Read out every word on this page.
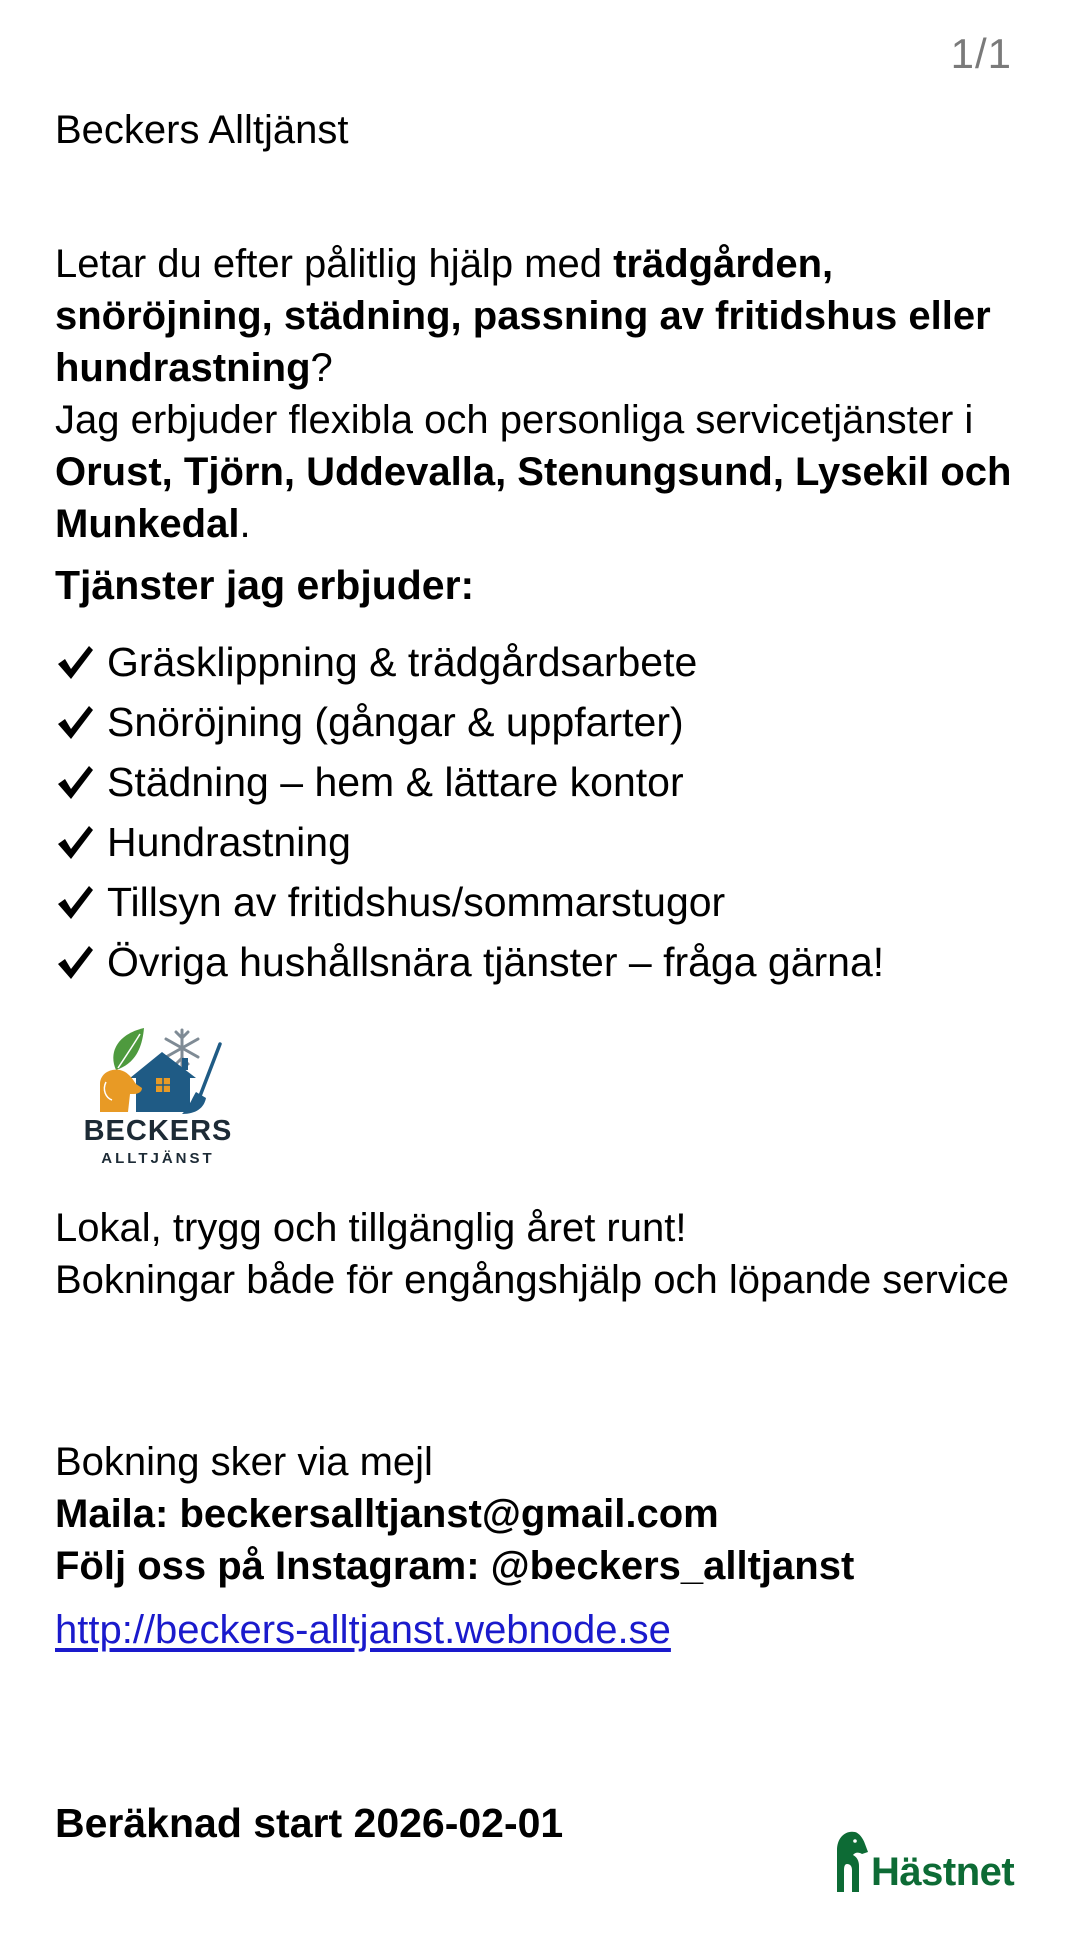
1/1
Beckers Alltjänst

Letar du efter pålitlig hjälp med trädgården, snöröjning, städning, passning av fritidshus eller hundrastning?
Jag erbjuder flexibla och personliga servicetjänster i Orust, Tjörn, Uddevalla, Stenungsund, Lysekil och Munkedal.

Tjänster jag erbjuder:
Gräsklippning & trädgårdsarbete
Snöröjning (gångar & uppfarter)
Städning – hem & lättare kontor
Hundrastning
Tillsyn av fritidshus/sommarstugor
Övriga hushållsnära tjänster – fråga gärna!
BECKERS
ALLTJÄNST

Lokal, trygg och tillgänglig året runt!
Bokningar både för engångshjälp och löpande service

Bokning sker via mejl
Maila: beckersalltjanst@gmail.com
Följ oss på Instagram: @beckers_alltjanst

http://beckers-alltjanst.webnode.se
Beräknad start 2026-02-01
Hästnet
